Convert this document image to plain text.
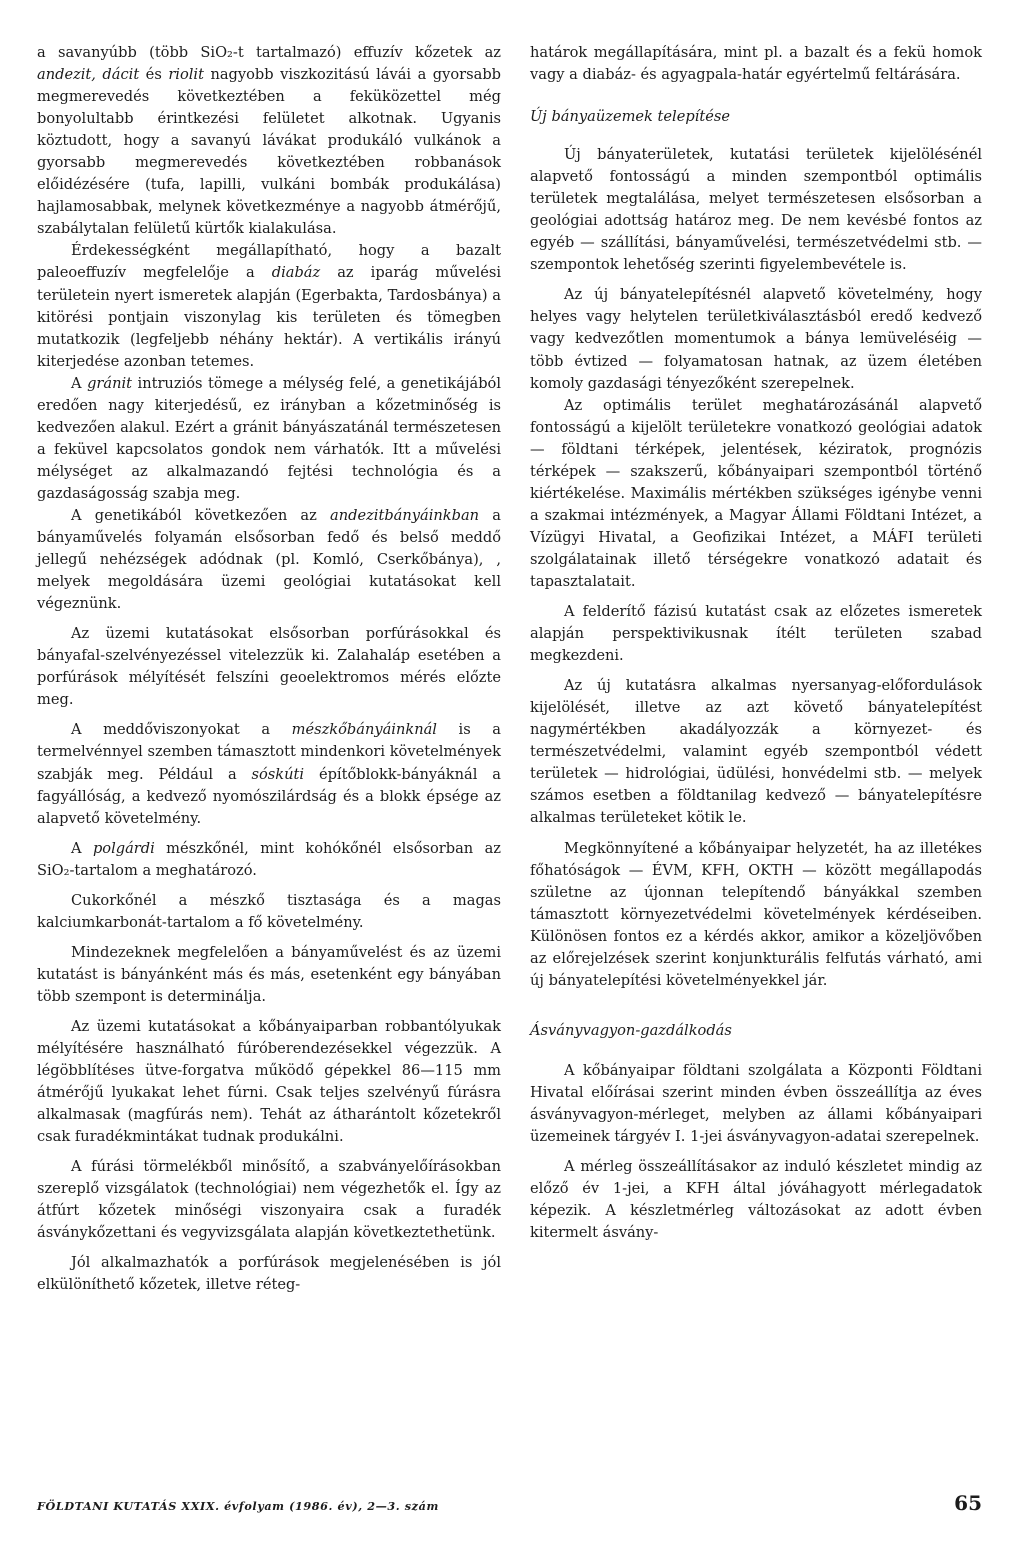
a savanyúbb (több SiO₂-t tartalmazó) effuzív kőzetek az andezit, dácit és riolit nagyobb viszkozitású lávái a gyorsabb megmerevedés következtében a feküközettel még bonyolultabb érintkezési felületet alkotnak. Ugyanis köztudott, hogy a savanyú lávákat produkáló vulkánok a gyorsabb megmerevedés következtében robbanások előidézésére (tufa, lapilli, vulkáni bombák produkálása) hajlamosabbak, melynek következménye a nagyobb átmérőjű, szabálytalan felületű kürtők kialakulása.

Érdekességként megállapítható, hogy a bazalt paleoeffuzív megfelelője a diabáz az iparág művelési területein nyert ismeretek alapján (Egerbakta, Tardosbánya) a kitörési pontjain viszonylag kis területen és tömegben mutatkozik (legfeljebb néhány hektár). A vertikális irányú kiterjedése azonban tetemes.

A gránit intruziós tömege a mélység felé, a genetikájából eredően nagy kiterjedésű, ez irányban a kőzetminőség is kedvezően alakul. Ezért a gránit bányászatánál természetesen a feküvel kapcsolatos gondok nem várhatók. Itt a művelési mélységet az alkalmazandó fejtési technológia és a gazdaságosság szabja meg.

A genetikából következően az andezitbányáinkban a bányaművelés folyamán elsősorban fedő és belső meddő jellegű nehézségek adódnak (pl. Komló, Cserkőbánya), , melyek megoldására üzemi geológiai kutatásokat kell végeznünk.

Az üzemi kutatásokat elsősorban porfúrásokkal és bányafal-szelvényezéssel vitelezzük ki. Zalahaláp esetében a porfúrások mélyítését felszíni geoelektromos mérés előzte meg.

A meddőviszonyokat a mészkőbányáinknál is a termelvénnyel szemben támasztott mindenkori követelmények szabják meg. Például a sóskúti építőblokk-bányáknál a fagyállóság, a kedvező nyomószilárdság és a blokk épsége az alapvető követelmény.

A polgárdi mészkőnél, mint kohókőnél elsősorban az SiO₂-tartalom a meghatározó.

Cukorkőnél a mészkő tisztasága és a magas kalciumkarbonát-tartalom a fő követelmény.

Mindezeknek megfelelően a bányaművelést és az üzemi kutatást is bányánként más és más, esetenként egy bányában több szempont is determinálja.

Az üzemi kutatásokat a kőbányaiparban robbantólyukak mélyítésére használható fúróberendezésekkel végezzük. A légöbblítéses ütve-forgatva működő gépekkel 86—115 mm átmérőjű lyukakat lehet fúrni. Csak teljes szelvényű fúrásra alkalmasak (magfúrás nem). Tehát az átharántolt kőzetekről csak furadékmintákat tudnak produkálni.

A fúrási törmelékből minősítő, a szabványelőírásokban szereplő vizsgálatok (technológiai) nem végezhetők el. Így az átfúrt kőzetek minőségi viszonyaira csak a furadék ásványkőzettani és vegyvizsgálata alapján következtethetünk.

Jól alkalmazhatók a porfúrások megjelenésében is jól elkülöníthető kőzetek, illetve réteg-

határok megállapítására, mint pl. a bazalt és a fekü homok vagy a diabáz- és agyagpala-határ egyértelmű feltárására.

Új bányaüzemek telepítése

Új bányaterületek, kutatási területek kijelölésénél alapvető fontosságú a minden szempontból optimális területek megtalálása, melyet természetesen elsősorban a geológiai adottság határoz meg. De nem kevésbé fontos az egyéb — szállítási, bányaművelési, természetvédelmi stb. — szempontok lehetőség szerinti figyelembevétele is.

Az új bányatelepítésnél alapvető követelmény, hogy helyes vagy helytelen területkiválasztásból eredő kedvező vagy kedvezőtlen momentumok a bánya lemüveléséig — több évtized — folyamatosan hatnak, az üzem életében komoly gazdasági tényezőként szerepelnek.

Az optimális terület meghatározásánál alapvető fontosságú a kijelölt területekre vonatkozó geológiai adatok — földtani térképek, jelentések, kéziratok, prognózis térképek — szakszerű, kőbányaipari szempontból történő kiértékelése. Maximális mértékben szükséges igénybe venni a szakmai intézmények, a Magyar Állami Földtani Intézet, a Vízügyi Hivatal, a Geofizikai Intézet, a MÁFI területi szolgálatainak illető térségekre vonatkozó adatait és tapasztalatait.

A felderítő fázisú kutatást csak az előzetes ismeretek alapján perspektivikusnak ítélt területen szabad megkezdeni.

Az új kutatásra alkalmas nyersanyag-előfordulások kijelölését, illetve az azt követő bányatelepítést nagymértékben akadályozzák a környezet- és természetvédelmi, valamint egyéb szempontból védett területek — hidrológiai, üdülési, honvédelmi stb. — melyek számos esetben a földtanilag kedvező — bányatelepítésre alkalmas területeket kötik le.

Megkönnyítené a kőbányaipar helyzetét, ha az illetékes főhatóságok — ÉVM, KFH, OKTH — között megállapodás születne az újonnan telepítendő bányákkal szemben támasztott környezetvédelmi követelmények kérdéseiben. Különösen fontos ez a kérdés akkor, amikor a közeljövőben az előrejelzések szerint konjunkturális felfutás várható, ami új bányatelepítési követelményekkel jár.

Ásványvagyon-gazdálkodás

A kőbányaipar földtani szolgálata a Központi Földtani Hivatal előírásai szerint minden évben összeállítja az éves ásványvagyon-mérleget, melyben az állami kőbányaipari üzemeinek tárgyév I. 1-jei ásványvagyon-adatai szerepelnek.

A mérleg összeállításakor az induló készletet mindig az előző év 1-jei, a KFH által jóváhagyott mérlegadatok képezik. A készletmérleg változásokat az adott évben kitermelt ásvány-

FÖLDTANI KUTATÁS XXIX. évfolyam (1986. év), 2—3. szám	65
